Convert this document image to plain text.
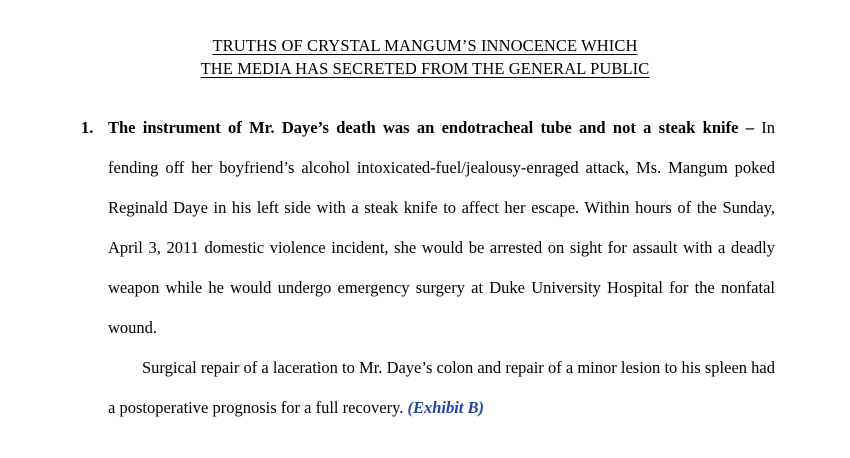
TRUTHS OF CRYSTAL MANGUM’S INNOCENCE WHICH
THE MEDIA HAS SECRETED FROM THE GENERAL PUBLIC
1. The instrument of Mr. Daye’s death was an endotracheal tube and not a steak knife – In fending off her boyfriend’s alcohol intoxicated-fuel/jealousy-enraged attack, Ms. Mangum poked Reginald Daye in his left side with a steak knife to affect her escape. Within hours of the Sunday, April 3, 2011 domestic violence incident, she would be arrested on sight for assault with a deadly weapon while he would undergo emergency surgery at Duke University Hospital for the nonfatal wound.
Surgical repair of a laceration to Mr. Daye’s colon and repair of a minor lesion to his spleen had a postoperative prognosis for a full recovery. (Exhibit B)
